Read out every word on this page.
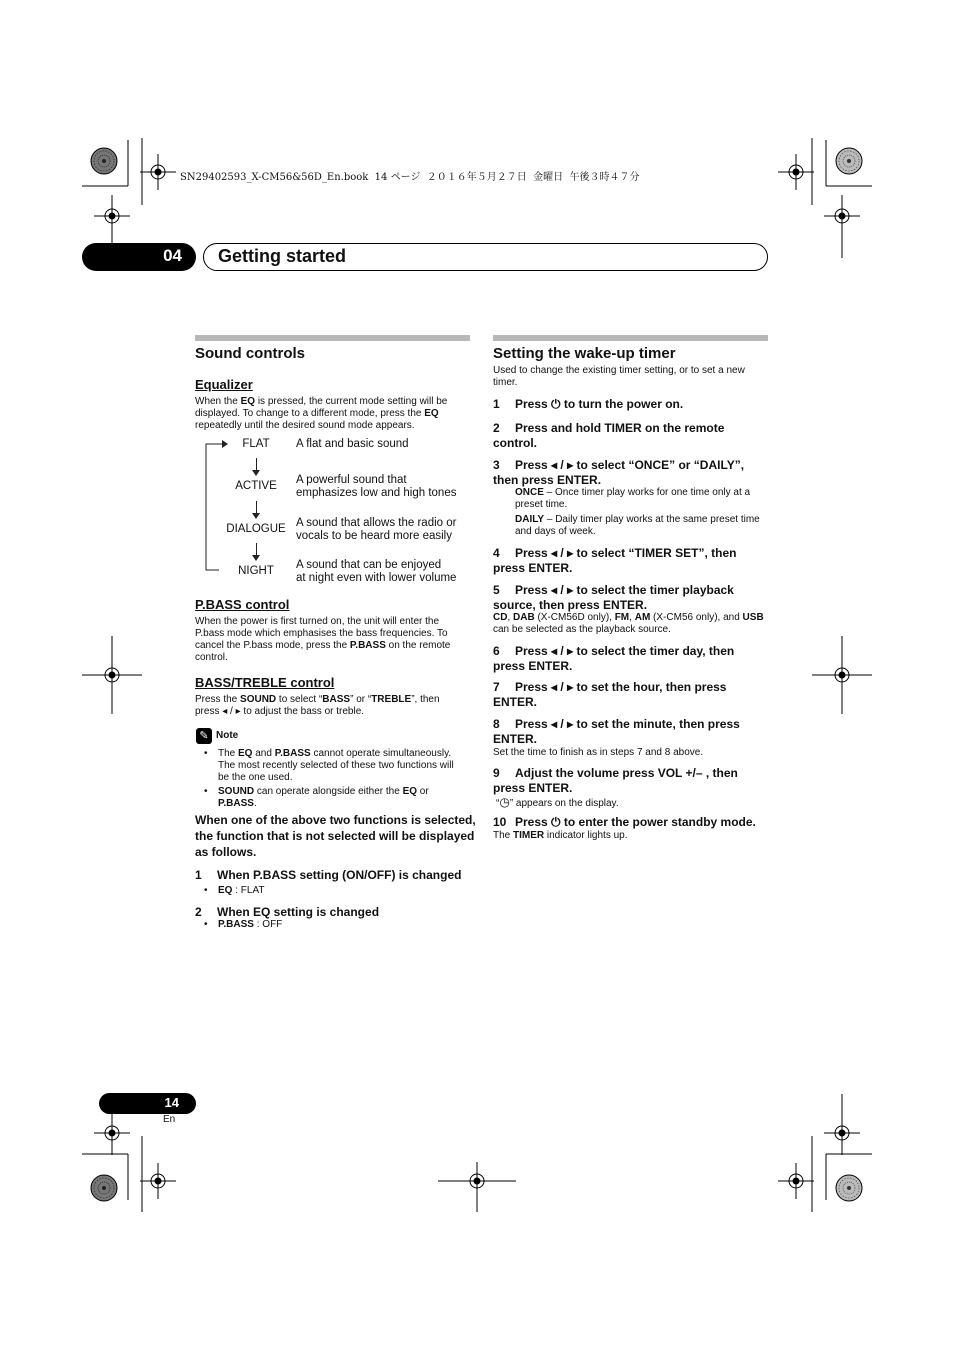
SN29402593_X-CM56&56D_En.book  14 ページ  ２０１６年５月２７日  金曜日  午後３時４７分
04 Getting started
Sound controls
Equalizer
When the EQ is pressed, the current mode setting will be
displayed. To change to a different mode, press the EQ
repeatedly until the desired sound mode appears.
FLAT
ACTIVE
DIALOGUE
NIGHT
A flat and basic sound
A powerful sound that
emphasizes low and high tones
A sound that allows the radio or
vocals to be heard more easily
A sound that can be enjoyed
at night even with lower volume
P.BASS control
When the power is first turned on, the unit will enter the
P.bass mode which emphasises the bass frequencies. To
cancel the P.bass mode, press the P.BASS on the remote
control.
BASS/TREBLE control
Press the SOUND to select “BASS” or “TREBLE”, then
press ◂ / ▸ to adjust the bass or treble.
✎ Note
The EQ and P.BASS cannot operate simultaneously.
The most recently selected of these two functions will
be the one used.
SOUND can operate alongside either the EQ or
P.BASS.
When one of the above two functions is selected,
the function that is not selected will be displayed
as follows.
1 When P.BASS setting (ON/OFF) is changed
EQ : FLAT
2 When EQ setting is changed
P.BASS : OFF
Setting the wake-up timer
Used to change the existing timer setting, or to set a new
timer.
1 Press ⏻ to turn the power on.
2 Press and hold TIMER on the remote
control.
3 Press ◂ / ▸ to select “ONCE” or “DAILY”,
then press ENTER.
ONCE – Once timer play works for one time only at a
preset time.
DAILY – Daily timer play works at the same preset time
and days of week.
4 Press ◂ / ▸ to select “TIMER SET”, then
press ENTER.
5 Press ◂ / ▸ to select the timer playback
source, then press ENTER.
CD, DAB (X-CM56D only), FM, AM (X-CM56 only), and USB
can be selected as the playback source.
6 Press ◂ / ▸ to select the timer day, then
press ENTER.
7 Press ◂ / ▸ to set the hour, then press
ENTER.
8 Press ◂ / ▸ to set the minute, then press
ENTER.
Set the time to finish as in steps 7 and 8 above.
9 Adjust the volume press VOL +/– , then
press ENTER.
“◷” appears on the display.
10 Press ⏻ to enter the power standby mode.
The TIMER indicator lights up.
14
En
